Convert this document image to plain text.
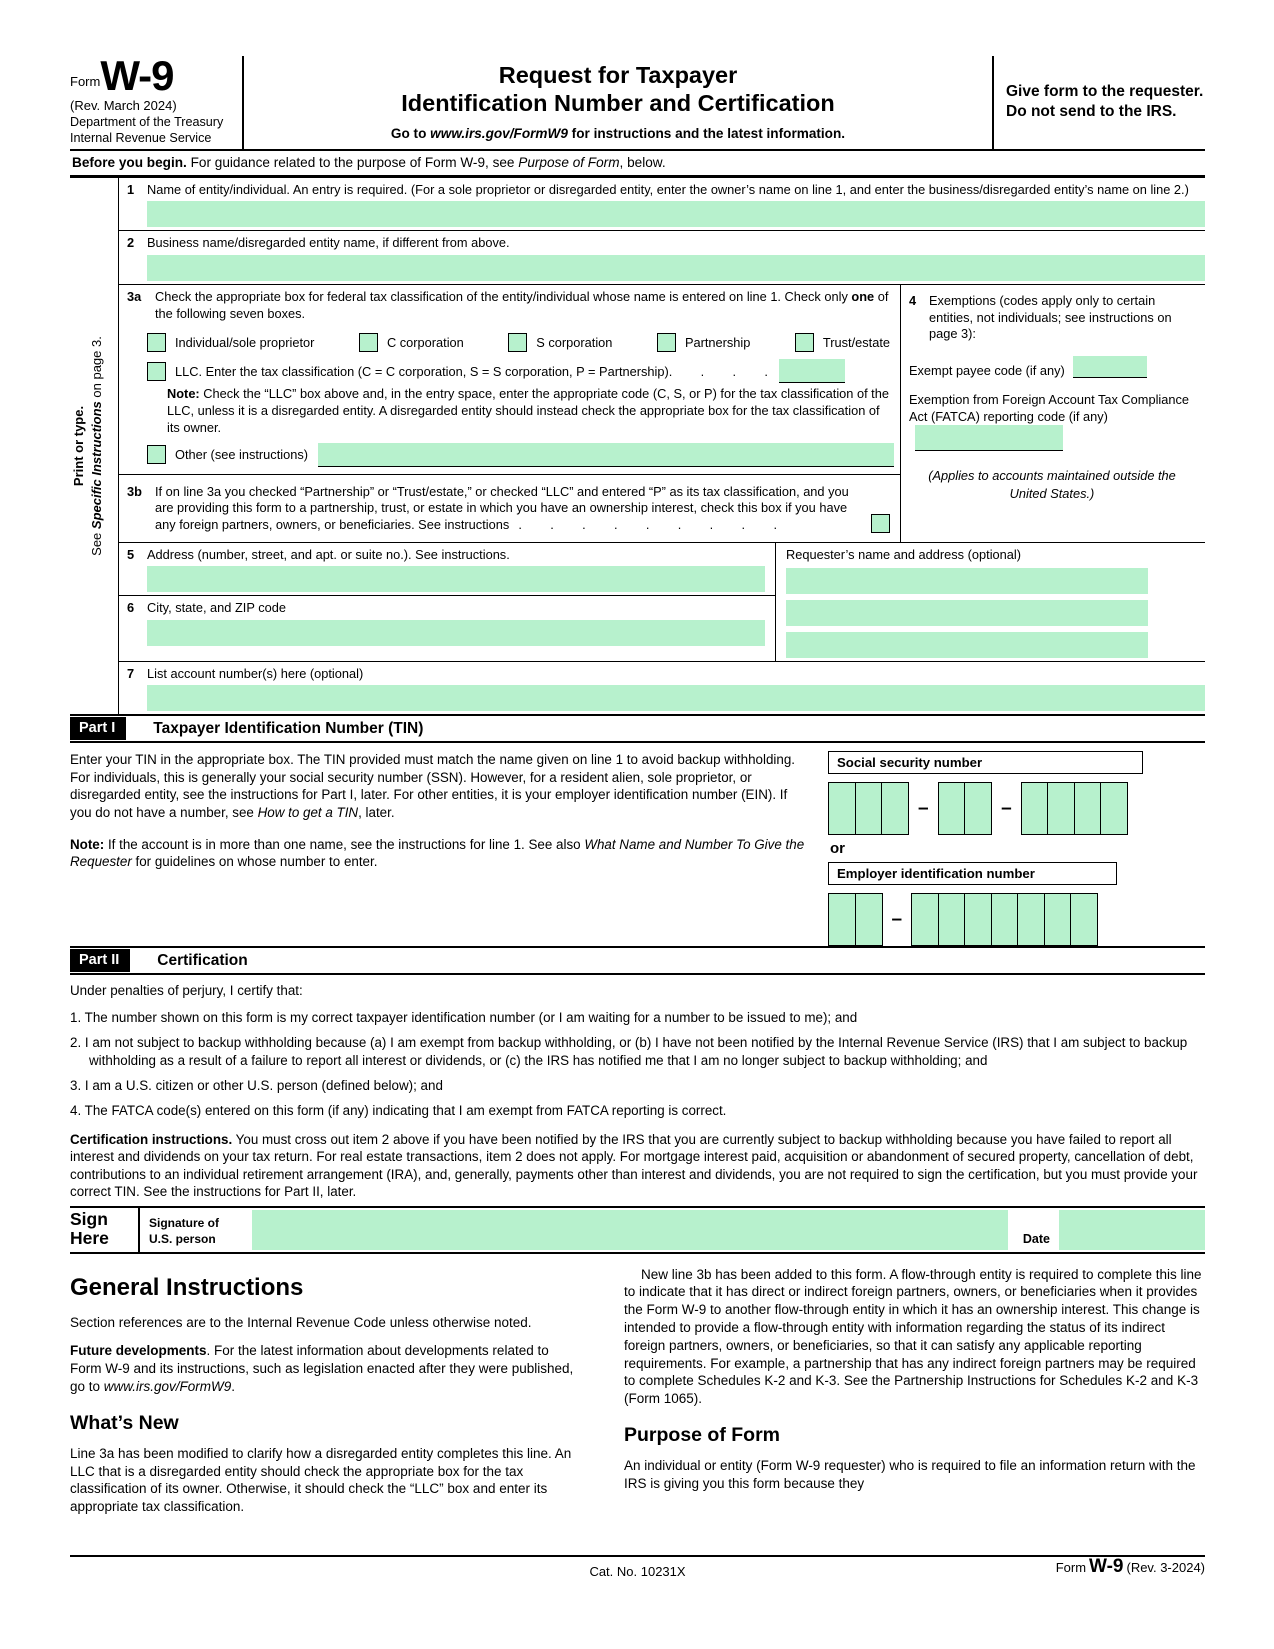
Form W-9
(Rev. March 2024)
Department of the Treasury
Internal Revenue Service
Request for Taxpayer
Identification Number and Certification
Go to www.irs.gov/FormW9 for instructions and the latest information.
Give form to the requester. Do not send to the IRS.
Before you begin. For guidance related to the purpose of Form W-9, see Purpose of Form, below.
Print or type.
See Specific Instructions on page 3.
1	Name of entity/individual. An entry is required. (For a sole proprietor or disregarded entity, enter the owner’s name on line 1, and enter the business/disregarded entity’s name on line 2.)
2	Business name/disregarded entity name, if different from above.
3a	Check the appropriate box for federal tax classification of the entity/individual whose name is entered on line 1. Check only one of the following seven boxes.
Individual/sole proprietor	C corporation	S corporation	Partnership	Trust/estate
LLC. Enter the tax classification (C = C corporation, S = S corporation, P = Partnership) .      .      .      .
Note: Check the “LLC” box above and, in the entry space, enter the appropriate code (C, S, or P) for the tax classification of the LLC, unless it is a disregarded entity. A disregarded entity should instead check the appropriate box for the tax classification of its owner.
Other (see instructions)
3b	If on line 3a you checked “Partnership” or “Trust/estate,” or checked “LLC” and entered “P” as its tax classification, and you are providing this form to a partnership, trust, or estate in which you have an ownership interest, check this box if you have any foreign partners, owners, or beneficiaries. See instructions  .      .      .      .      .      .      .      .      .
4	Exemptions (codes apply only to certain entities, not individuals; see instructions on page 3):
Exempt payee code (if any)
Exemption from Foreign Account Tax Compliance Act (FATCA) reporting code (if any)
(Applies to accounts maintained outside the United States.)
5	Address (number, street, and apt. or suite no.). See instructions.
6	City, state, and ZIP code
Requester’s name and address (optional)
7	List account number(s) here (optional)
Part I	Taxpayer Identification Number (TIN)
Enter your TIN in the appropriate box. The TIN provided must match the name given on line 1 to avoid backup withholding. For individuals, this is generally your social security number (SSN). However, for a resident alien, sole proprietor, or disregarded entity, see the instructions for Part I, later. For other entities, it is your employer identification number (EIN). If you do not have a number, see How to get a TIN, later.
Note: If the account is in more than one name, see the instructions for line 1. See also What Name and Number To Give the Requester for guidelines on whose number to enter.
Social security number
–	–
or
Employer identification number
–
Part II	Certification
Under penalties of perjury, I certify that:
1. The number shown on this form is my correct taxpayer identification number (or I am waiting for a number to be issued to me); and
2. I am not subject to backup withholding because (a) I am exempt from backup withholding, or (b) I have not been notified by the Internal Revenue Service (IRS) that I am subject to backup withholding as a result of a failure to report all interest or dividends, or (c) the IRS has notified me that I am no longer subject to backup withholding; and
3. I am a U.S. citizen or other U.S. person (defined below); and
4. The FATCA code(s) entered on this form (if any) indicating that I am exempt from FATCA reporting is correct.
Certification instructions. You must cross out item 2 above if you have been notified by the IRS that you are currently subject to backup withholding because you have failed to report all interest and dividends on your tax return. For real estate transactions, item 2 does not apply. For mortgage interest paid, acquisition or abandonment of secured property, cancellation of debt, contributions to an individual retirement arrangement (IRA), and, generally, payments other than interest and dividends, you are not required to sign the certification, but you must provide your correct TIN. See the instructions for Part II, later.
Sign
Here
Signature of
U.S. person	Date
General Instructions

Section references are to the Internal Revenue Code unless otherwise noted.

Future developments. For the latest information about developments related to Form W-9 and its instructions, such as legislation enacted after they were published, go to www.irs.gov/FormW9.

What’s New

Line 3a has been modified to clarify how a disregarded entity completes this line. An LLC that is a disregarded entity should check the appropriate box for the tax classification of its owner. Otherwise, it should check the “LLC” box and enter its appropriate tax classification.

New line 3b has been added to this form. A flow-through entity is required to complete this line to indicate that it has direct or indirect foreign partners, owners, or beneficiaries when it provides the Form W-9 to another flow-through entity in which it has an ownership interest. This change is intended to provide a flow-through entity with information regarding the status of its indirect foreign partners, owners, or beneficiaries, so that it can satisfy any applicable reporting requirements. For example, a partnership that has any indirect foreign partners may be required to complete Schedules K-2 and K-3. See the Partnership Instructions for Schedules K-2 and K-3 (Form 1065).

Purpose of Form

An individual or entity (Form W-9 requester) who is required to file an information return with the IRS is giving you this form because they

Cat. No. 10231X	Form W-9 (Rev. 3-2024)
